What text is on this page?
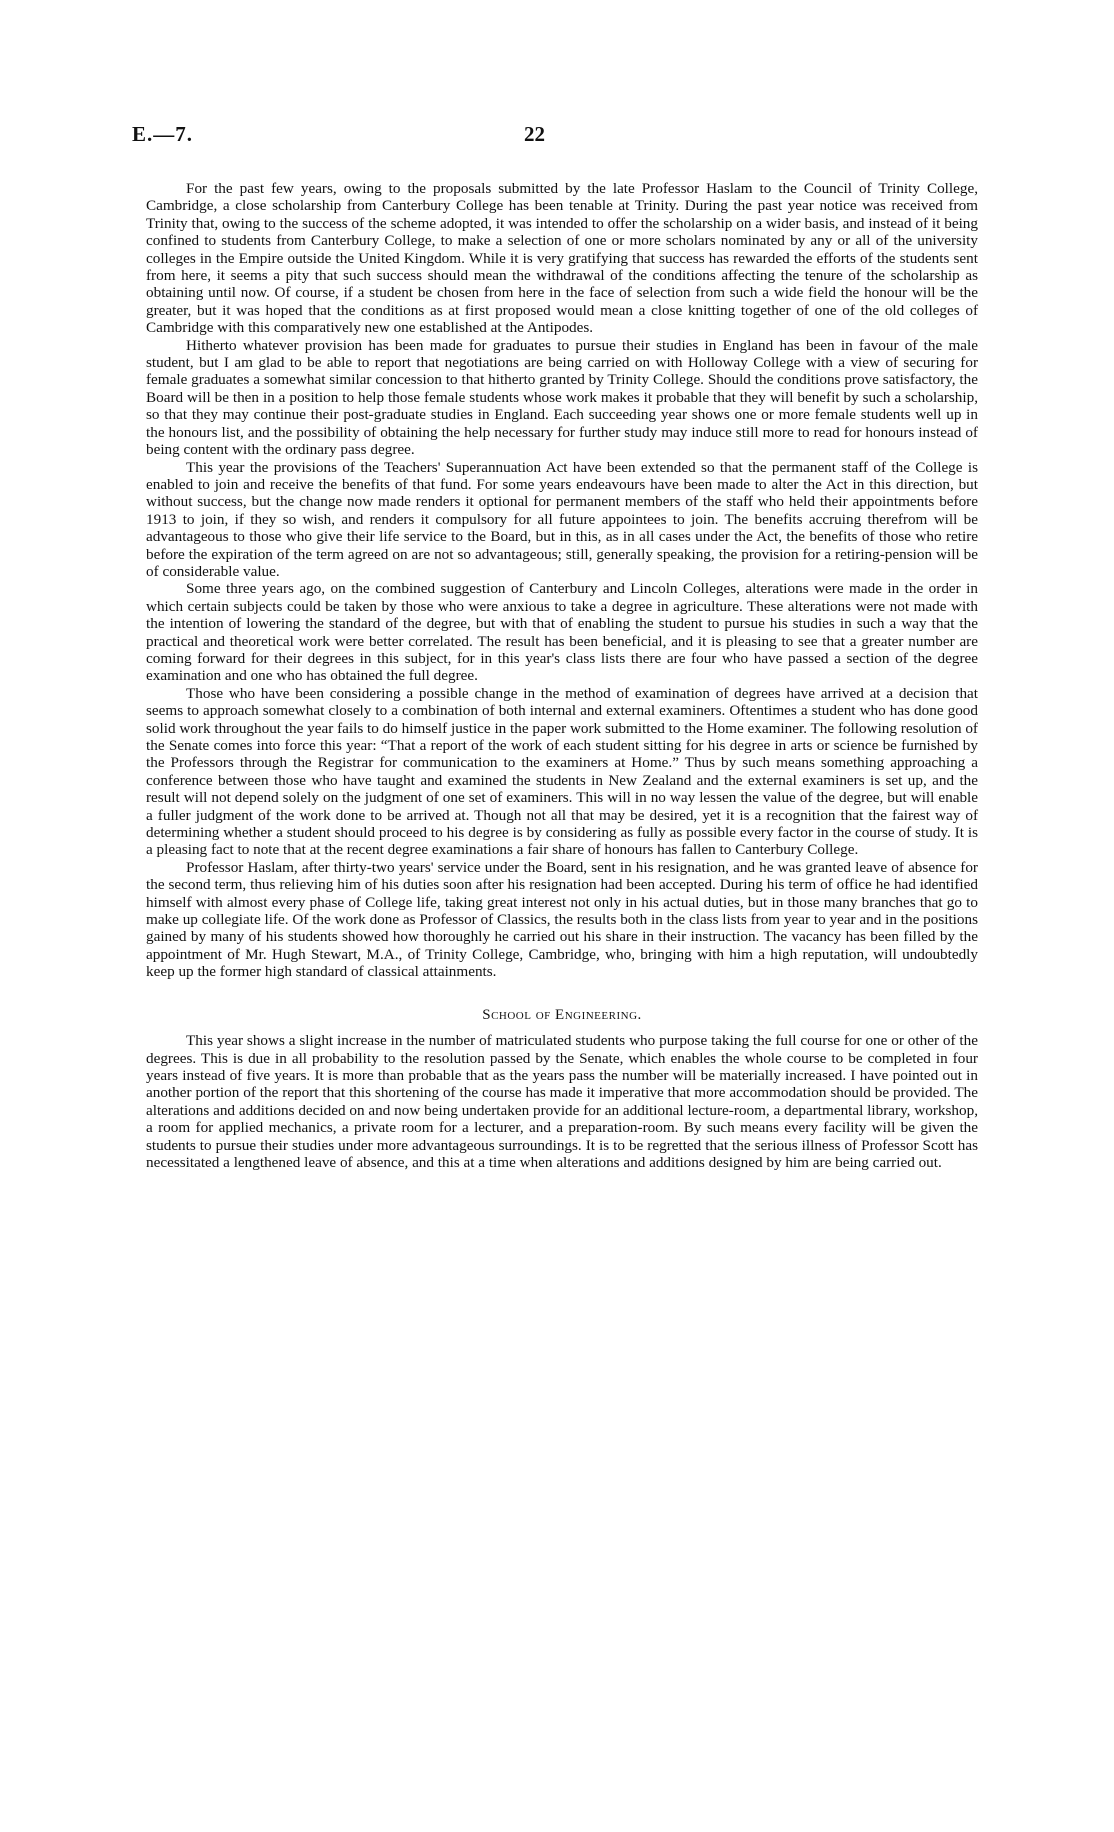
E.—7.	22

For the past few years, owing to the proposals submitted by the late Professor Haslam to the Council of Trinity College, Cambridge, a close scholarship from Canterbury College has been tenable at Trinity. During the past year notice was received from Trinity that, owing to the success of the scheme adopted, it was intended to offer the scholarship on a wider basis, and instead of it being confined to students from Canterbury College, to make a selection of one or more scholars nominated by any or all of the university colleges in the Empire outside the United Kingdom. While it is very gratifying that success has rewarded the efforts of the students sent from here, it seems a pity that such success should mean the withdrawal of the conditions affecting the tenure of the scholarship as obtaining until now. Of course, if a student be chosen from here in the face of selection from such a wide field the honour will be the greater, but it was hoped that the conditions as at first proposed would mean a close knitting together of one of the old colleges of Cambridge with this comparatively new one established at the Antipodes.

Hitherto whatever provision has been made for graduates to pursue their studies in England has been in favour of the male student, but I am glad to be able to report that negotiations are being carried on with Holloway College with a view of securing for female graduates a somewhat similar concession to that hitherto granted by Trinity College. Should the conditions prove satisfactory, the Board will be then in a position to help those female students whose work makes it probable that they will benefit by such a scholarship, so that they may continue their post-graduate studies in England. Each succeeding year shows one or more female students well up in the honours list, and the possibility of obtaining the help necessary for further study may induce still more to read for honours instead of being content with the ordinary pass degree.

This year the provisions of the Teachers' Superannuation Act have been extended so that the permanent staff of the College is enabled to join and receive the benefits of that fund. For some years endeavours have been made to alter the Act in this direction, but without success, but the change now made renders it optional for permanent members of the staff who held their appointments before 1913 to join, if they so wish, and renders it compulsory for all future appointees to join. The benefits accruing therefrom will be advantageous to those who give their life service to the Board, but in this, as in all cases under the Act, the benefits of those who retire before the expiration of the term agreed on are not so advantageous; still, generally speaking, the provision for a retiring-pension will be of considerable value.

Some three years ago, on the combined suggestion of Canterbury and Lincoln Colleges, alterations were made in the order in which certain subjects could be taken by those who were anxious to take a degree in agriculture. These alterations were not made with the intention of lowering the standard of the degree, but with that of enabling the student to pursue his studies in such a way that the practical and theoretical work were better correlated. The result has been beneficial, and it is pleasing to see that a greater number are coming forward for their degrees in this subject, for in this year's class lists there are four who have passed a section of the degree examination and one who has obtained the full degree.

Those who have been considering a possible change in the method of examination of degrees have arrived at a decision that seems to approach somewhat closely to a combination of both internal and external examiners. Oftentimes a student who has done good solid work throughout the year fails to do himself justice in the paper work submitted to the Home examiner. The following resolution of the Senate comes into force this year: “That a report of the work of each student sitting for his degree in arts or science be furnished by the Professors through the Registrar for communication to the examiners at Home.” Thus by such means something approaching a conference between those who have taught and examined the students in New Zealand and the external examiners is set up, and the result will not depend solely on the judgment of one set of examiners. This will in no way lessen the value of the degree, but will enable a fuller judgment of the work done to be arrived at. Though not all that may be desired, yet it is a recognition that the fairest way of determining whether a student should proceed to his degree is by considering as fully as possible every factor in the course of study. It is a pleasing fact to note that at the recent degree examinations a fair share of honours has fallen to Canterbury College.

Professor Haslam, after thirty-two years' service under the Board, sent in his resignation, and he was granted leave of absence for the second term, thus relieving him of his duties soon after his resignation had been accepted. During his term of office he had identified himself with almost every phase of College life, taking great interest not only in his actual duties, but in those many branches that go to make up collegiate life. Of the work done as Professor of Classics, the results both in the class lists from year to year and in the positions gained by many of his students showed how thoroughly he carried out his share in their instruction. The vacancy has been filled by the appointment of Mr. Hugh Stewart, M.A., of Trinity College, Cambridge, who, bringing with him a high reputation, will undoubtedly keep up the former high standard of classical attainments.

School of Engineering.

This year shows a slight increase in the number of matriculated students who purpose taking the full course for one or other of the degrees. This is due in all probability to the resolution passed by the Senate, which enables the whole course to be completed in four years instead of five years. It is more than probable that as the years pass the number will be materially increased. I have pointed out in another portion of the report that this shortening of the course has made it imperative that more accommodation should be provided. The alterations and additions decided on and now being undertaken provide for an additional lecture-room, a departmental library, workshop, a room for applied mechanics, a private room for a lecturer, and a preparation-room. By such means every facility will be given the students to pursue their studies under more advantageous surroundings. It is to be regretted that the serious illness of Professor Scott has necessitated a lengthened leave of absence, and this at a time when alterations and additions designed by him are being carried out.
